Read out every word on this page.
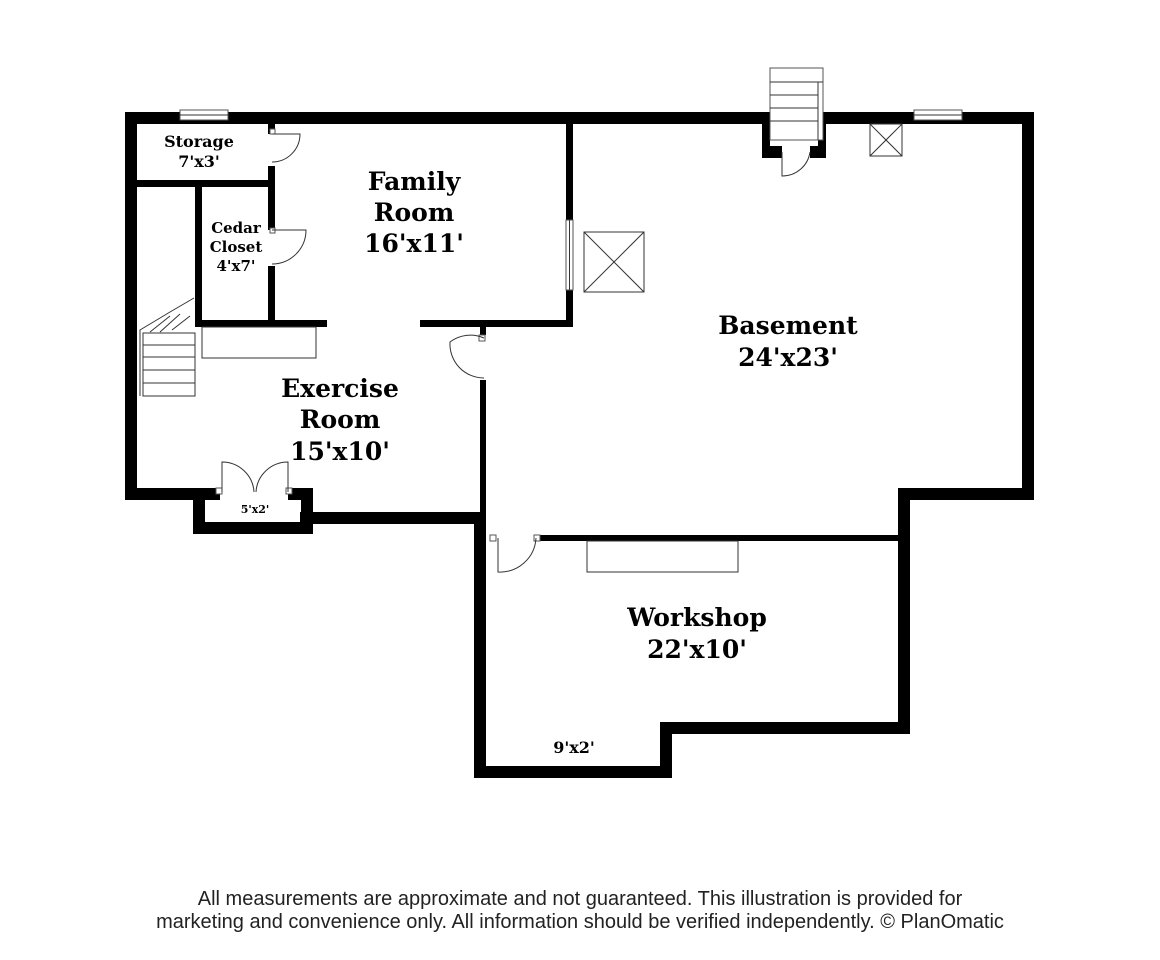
Storage
7'x3'
Family
Room
16'x11'
Cedar
Closet
4'x7'
Basement
24'x23'
Exercise
Room
15'x10'
5'x2'
Workshop
22'x10'
9'x2'
All measurements are approximate and not guaranteed. This illustration is provided for
marketing and convenience only. All information should be verified independently. © PlanOmatic
